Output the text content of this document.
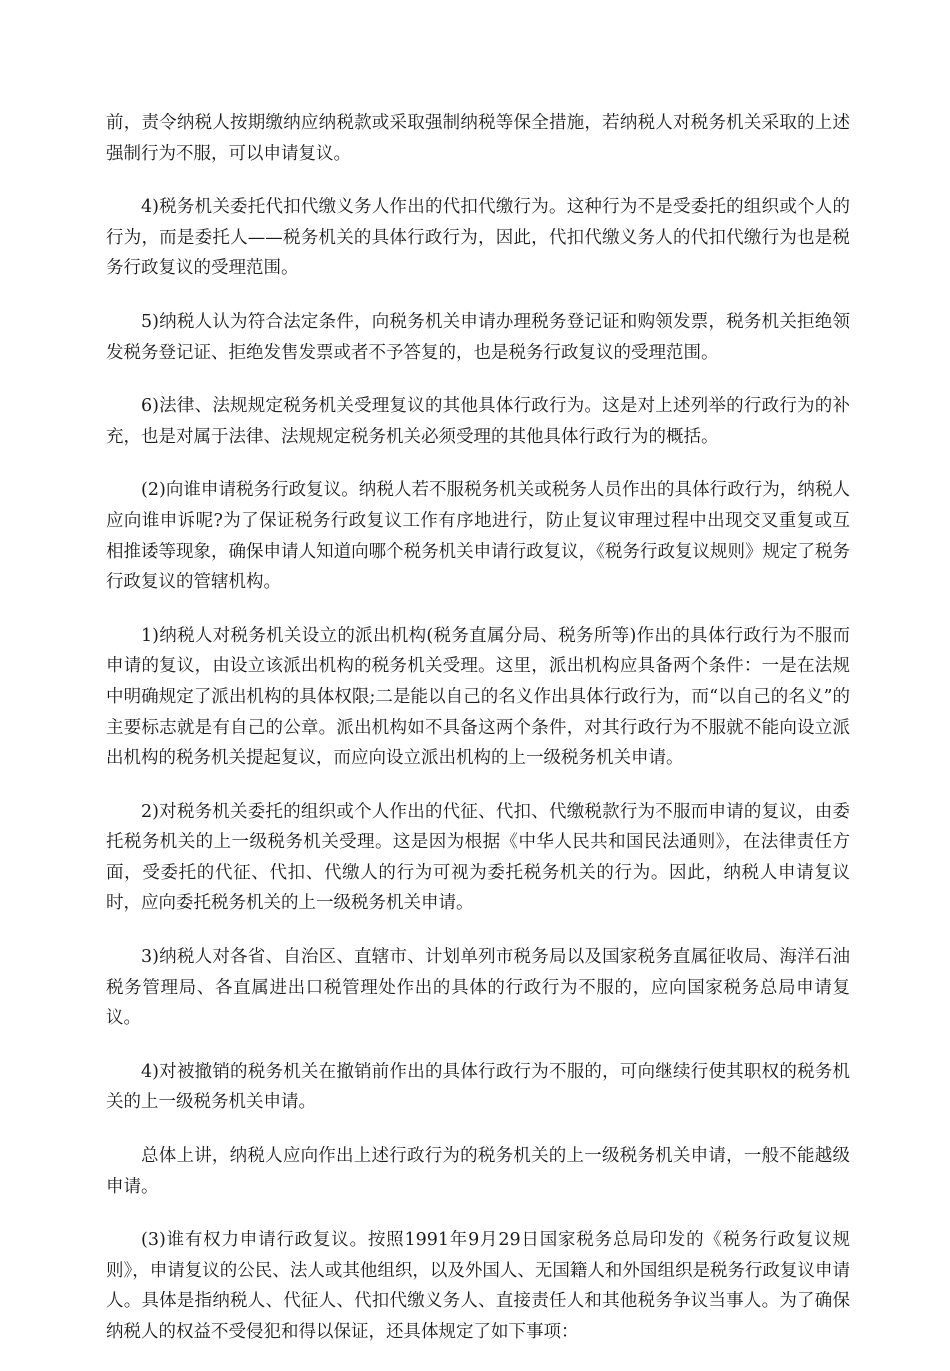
前，责令纳税人按期缴纳应纳税款或采取强制纳税等保全措施，若纳税人对税务机关采取的上述强制行为不服，可以申请复议。

4)税务机关委托代扣代缴义务人作出的代扣代缴行为。这种行为不是受委托的组织或个人的行为，而是委托人——税务机关的具体行政行为，因此，代扣代缴义务人的代扣代缴行为也是税务行政复议的受理范围。

5)纳税人认为符合法定条件，向税务机关申请办理税务登记证和购领发票，税务机关拒绝领发税务登记证、拒绝发售发票或者不予答复的，也是税务行政复议的受理范围。

6)法律、法规规定税务机关受理复议的其他具体行政行为。这是对上述列举的行政行为的补充，也是对属于法律、法规规定税务机关必须受理的其他具体行政行为的概括。

(2)向谁申请税务行政复议。纳税人若不服税务机关或税务人员作出的具体行政行为，纳税人应向谁申诉呢?为了保证税务行政复议工作有序地进行，防止复议审理过程中出现交叉重复或互相推诿等现象，确保申请人知道向哪个税务机关申请行政复议，《税务行政复议规则》规定了税务行政复议的管辖机构。

1)纳税人对税务机关设立的派出机构(税务直属分局、税务所等)作出的具体行政行为不服而申请的复议，由设立该派出机构的税务机关受理。这里，派出机构应具备两个条件：一是在法规中明确规定了派出机构的具体权限;二是能以自己的名义作出具体行政行为，而“以自己的名义”的主要标志就是有自己的公章。派出机构如不具备这两个条件，对其行政行为不服就不能向设立派出机构的税务机关提起复议，而应向设立派出机构的上一级税务机关申请。

2)对税务机关委托的组织或个人作出的代征、代扣、代缴税款行为不服而申请的复议，由委托税务机关的上一级税务机关受理。这是因为根据《中华人民共和国民法通则》，在法律责任方面，受委托的代征、代扣、代缴人的行为可视为委托税务机关的行为。因此，纳税人申请复议时，应向委托税务机关的上一级税务机关申请。

3)纳税人对各省、自治区、直辖市、计划单列市税务局以及国家税务直属征收局、海洋石油税务管理局、各直属进出口税管理处作出的具体的行政行为不服的，应向国家税务总局申请复议。

4)对被撤销的税务机关在撤销前作出的具体行政行为不服的，可向继续行使其职权的税务机关的上一级税务机关申请。

总体上讲，纳税人应向作出上述行政行为的税务机关的上一级税务机关申请，一般不能越级申请。

(3)谁有权力申请行政复议。按照1991年9月29日国家税务总局印发的《税务行政复议规则》，申请复议的公民、法人或其他组织，以及外国人、无国籍人和外国组织是税务行政复议申请人。具体是指纳税人、代征人、代扣代缴义务人、直接责任人和其他税务争议当事人。为了确保纳税人的权益不受侵犯和得以保证，还具体规定了如下事项：
